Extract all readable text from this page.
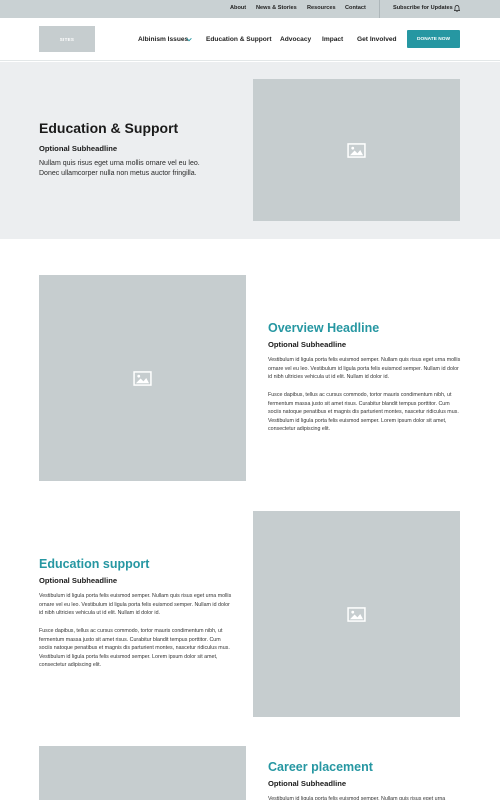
About News & Stories Resources Contact	Subscribe for Updates
SITES	Albinism Issues	Education & Support Advocacy Impact Get Involved	DONATE NOW
Education & Support
Optional Subheadline

Nullam quis risus eget urna mollis ornare vel eu leo. Donec ullamcorper nulla non metus auctor fringilla.

Overview Headline
Optional Subheadline

Vestibulum id ligula porta felis euismod semper. Nullam quis risus eget urna mollis ornare vel eu leo. Vestibulum id ligula porta felis euismod semper. Nullam id dolor id nibh ultricies vehicula ut id elit. Nullam id dolor id.

Fusce dapibus, tellus ac cursus commodo, tortor mauris condimentum nibh, ut fermentum massa justo sit amet risus. Curabitur blandit tempus porttitor. Cum sociis natoque penatibus et magnis dis parturient montes, nascetur ridiculus mus. Vestibulum id ligula porta felis euismod semper. Lorem ipsum dolor sit amet, consectetur adipiscing elit.

Education support
Optional Subheadline

Vestibulum id ligula porta felis euismod semper. Nullam quis risus eget urna mollis ornare vel eu leo. Vestibulum id ligula porta felis euismod semper. Nullam id dolor id nibh ultricies vehicula ut id elit. Nullam id dolor id.

Fusce dapibus, tellus ac cursus commodo, tortor mauris condimentum nibh, ut fermentum massa justo sit amet risus. Curabitur blandit tempus porttitor. Cum sociis natoque penatibus et magnis dis parturient montes, nascetur ridiculus mus. Vestibulum id ligula porta felis euismod semper. Lorem ipsum dolor sit amet, consectetur adipiscing elit.

Career placement
Optional Subheadline

Vestibulum id ligula porta felis euismod semper. Nullam quis risus eget urna
